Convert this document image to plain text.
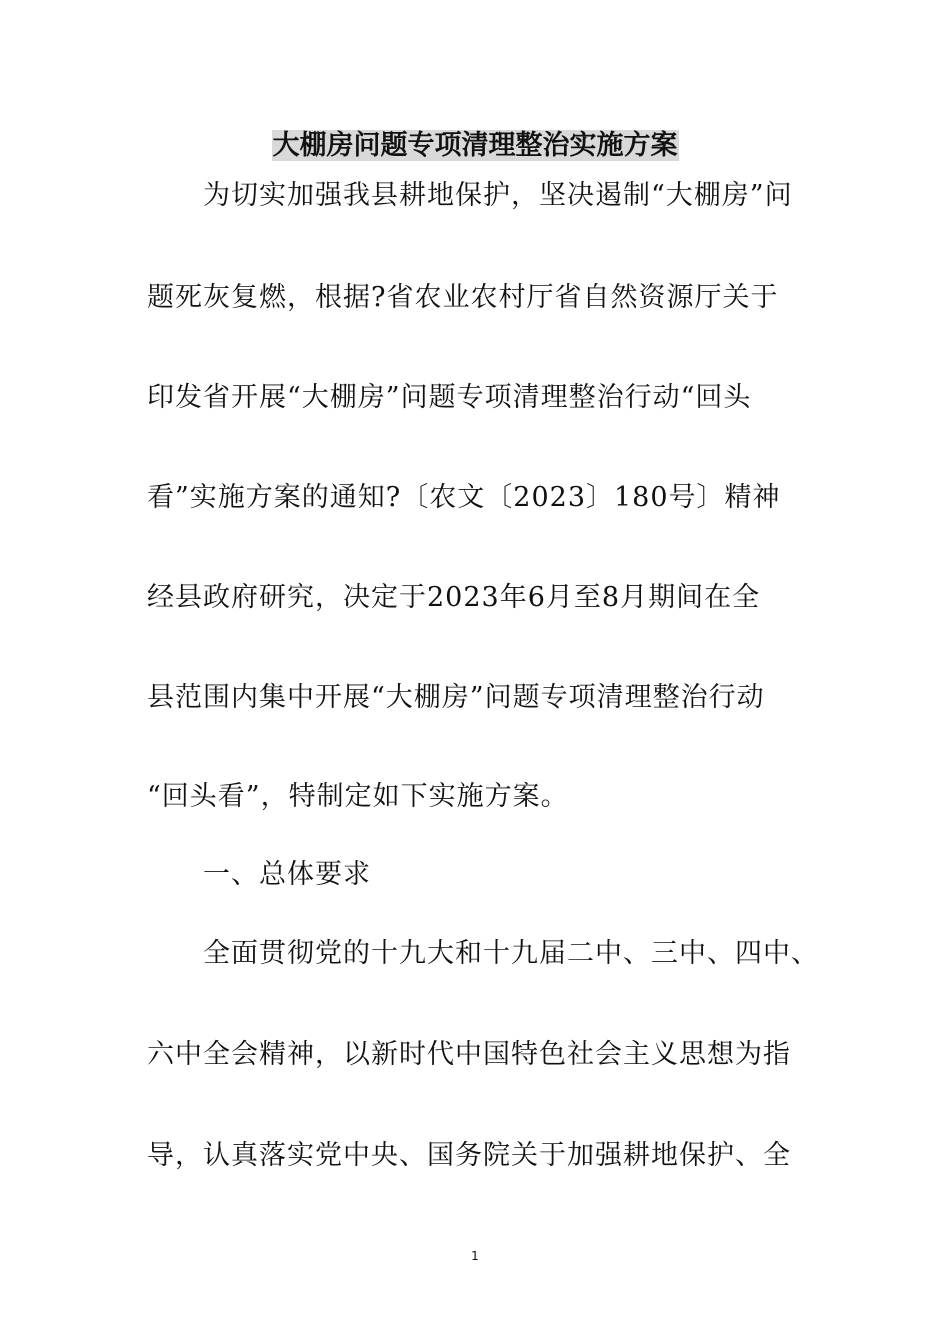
大棚房问题专项清理整治实施方案
为切实加强我县耕地保护，坚决遏制“大棚房”问
题死灰复燃，根据?省农业农村厅省自然资源厅关于
印发省开展“大棚房”问题专项清理整治行动“回头
看”实施方案的通知?〔农文〔2023〕180号〕精神
经县政府研究，决定于2023年6月至8月期间在全
县范围内集中开展“大棚房”问题专项清理整治行动
“回头看”，特制定如下实施方案。
一、总体要求
全面贯彻党的十九大和十九届二中、三中、四中、
六中全会精神，以新时代中国特色社会主义思想为指
导，认真落实党中央、国务院关于加强耕地保护、全
1
